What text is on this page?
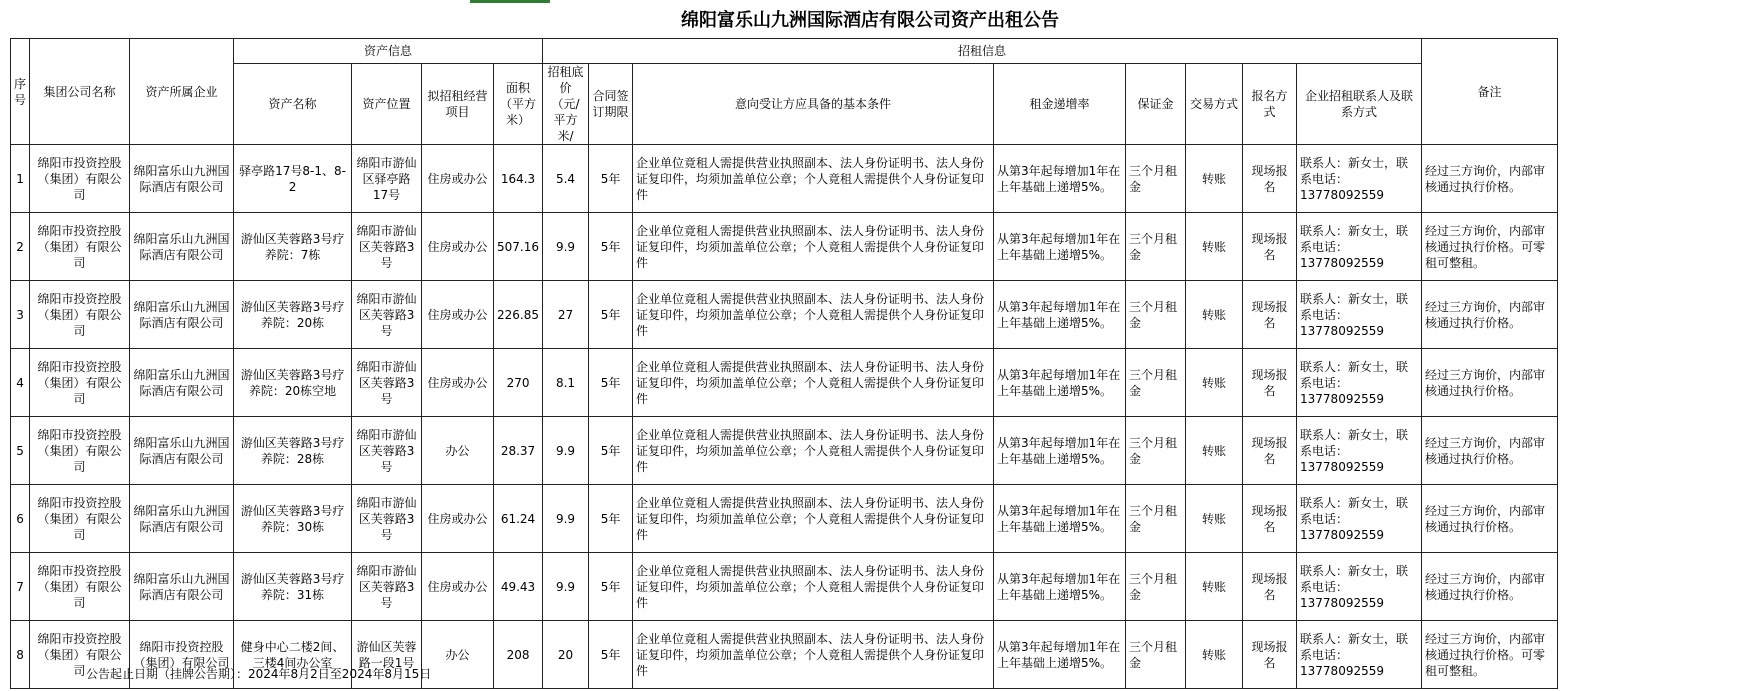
绵阳富乐山九洲国际酒店有限公司资产出租公告
序号	集团公司名称	资产所属企业	资产信息				招租信息								备注
			资产名称	资产位置	拟招租经营项目	面积（平方米）	招租底价（元/平方米/	合同签订期限	意向受让方应具备的基本条件	租金递增率	保证金	交易方式	报名方式	企业招租联系人及联系方式	
1	绵阳市投资控股（集团）有限公司	绵阳富乐山九洲国际酒店有限公司	驿亭路17号8-1、8-2	绵阳市游仙区驿亭路17号	住房或办公	164.3	5.4	5年	企业单位竟租人需提供营业执照副本、法人身份证明书、法人身份证复印件，均须加盖单位公章；个人竟租人需提供个人身份证复印件	从第3年起每增加1年在上年基础上递增5%。	三个月租金	转账	现场报名	联系人：新女士，联系电话：13778092559	经过三方询价，内部审核通过执行价格。
2	绵阳市投资控股（集团）有限公司	绵阳富乐山九洲国际酒店有限公司	游仙区芙蓉路3号疗养院：7栋	绵阳市游仙区芙蓉路3号	住房或办公	507.16	9.9	5年	企业单位竟租人需提供营业执照副本、法人身份证明书、法人身份证复印件，均须加盖单位公章；个人竟租人需提供个人身份证复印件	从第3年起每增加1年在上年基础上递增5%。	三个月租金	转账	现场报名	联系人：新女士，联系电话：13778092559	经过三方询价，内部审核通过执行价格。可零租可整租。
3	绵阳市投资控股（集团）有限公司	绵阳富乐山九洲国际酒店有限公司	游仙区芙蓉路3号疗养院：20栋	绵阳市游仙区芙蓉路3号	住房或办公	226.85	27	5年	企业单位竟租人需提供营业执照副本、法人身份证明书、法人身份证复印件，均须加盖单位公章；个人竟租人需提供个人身份证复印件	从第3年起每增加1年在上年基础上递增5%。	三个月租金	转账	现场报名	联系人：新女士，联系电话：13778092559	经过三方询价，内部审核通过执行价格。
4	绵阳市投资控股（集团）有限公司	绵阳富乐山九洲国际酒店有限公司	游仙区芙蓉路3号疗养院：20栋空地	绵阳市游仙区芙蓉路3号	住房或办公	270	8.1	5年	企业单位竟租人需提供营业执照副本、法人身份证明书、法人身份证复印件，均须加盖单位公章；个人竟租人需提供个人身份证复印件	从第3年起每增加1年在上年基础上递增5%。	三个月租金	转账	现场报名	联系人：新女士，联系电话：13778092559	经过三方询价，内部审核通过执行价格。
5	绵阳市投资控股（集团）有限公司	绵阳富乐山九洲国际酒店有限公司	游仙区芙蓉路3号疗养院：28栋	绵阳市游仙区芙蓉路3号	办公	28.37	9.9	5年	企业单位竟租人需提供营业执照副本、法人身份证明书、法人身份证复印件，均须加盖单位公章；个人竟租人需提供个人身份证复印件	从第3年起每增加1年在上年基础上递增5%。	三个月租金	转账	现场报名	联系人：新女士，联系电话：13778092559	经过三方询价，内部审核通过执行价格。
6	绵阳市投资控股（集团）有限公司	绵阳富乐山九洲国际酒店有限公司	游仙区芙蓉路3号疗养院：30栋	绵阳市游仙区芙蓉路3号	住房或办公	61.24	9.9	5年	企业单位竟租人需提供营业执照副本、法人身份证明书、法人身份证复印件，均须加盖单位公章；个人竟租人需提供个人身份证复印件	从第3年起每增加1年在上年基础上递增5%。	三个月租金	转账	现场报名	联系人：新女士，联系电话：13778092559	经过三方询价，内部审核通过执行价格。
7	绵阳市投资控股（集团）有限公司	绵阳富乐山九洲国际酒店有限公司	游仙区芙蓉路3号疗养院：31栋	绵阳市游仙区芙蓉路3号	住房或办公	49.43	9.9	5年	企业单位竟租人需提供营业执照副本、法人身份证明书、法人身份证复印件，均须加盖单位公章；个人竟租人需提供个人身份证复印件	从第3年起每增加1年在上年基础上递增5%。	三个月租金	转账	现场报名	联系人：新女士，联系电话：13778092559	经过三方询价，内部审核通过执行价格。
8	绵阳市投资控股（集团）有限公司	绵阳市投资控股（集团）有限公司	健身中心二楼2间、三楼4间办公室	游仙区芙蓉路一段1号	办公	208	20	5年	企业单位竟租人需提供营业执照副本、法人身份证明书、法人身份证复印件，均须加盖单位公章；个人竟租人需提供个人身份证复印件	从第3年起每增加1年在上年基础上递增5%。	三个月租金	转账	现场报名	联系人：新女士，联系电话：13778092559	经过三方询价，内部审核通过执行价格。可零租可整租。
公告起止日期（挂牌公告期）：2024年8月2日至2024年8月15日
